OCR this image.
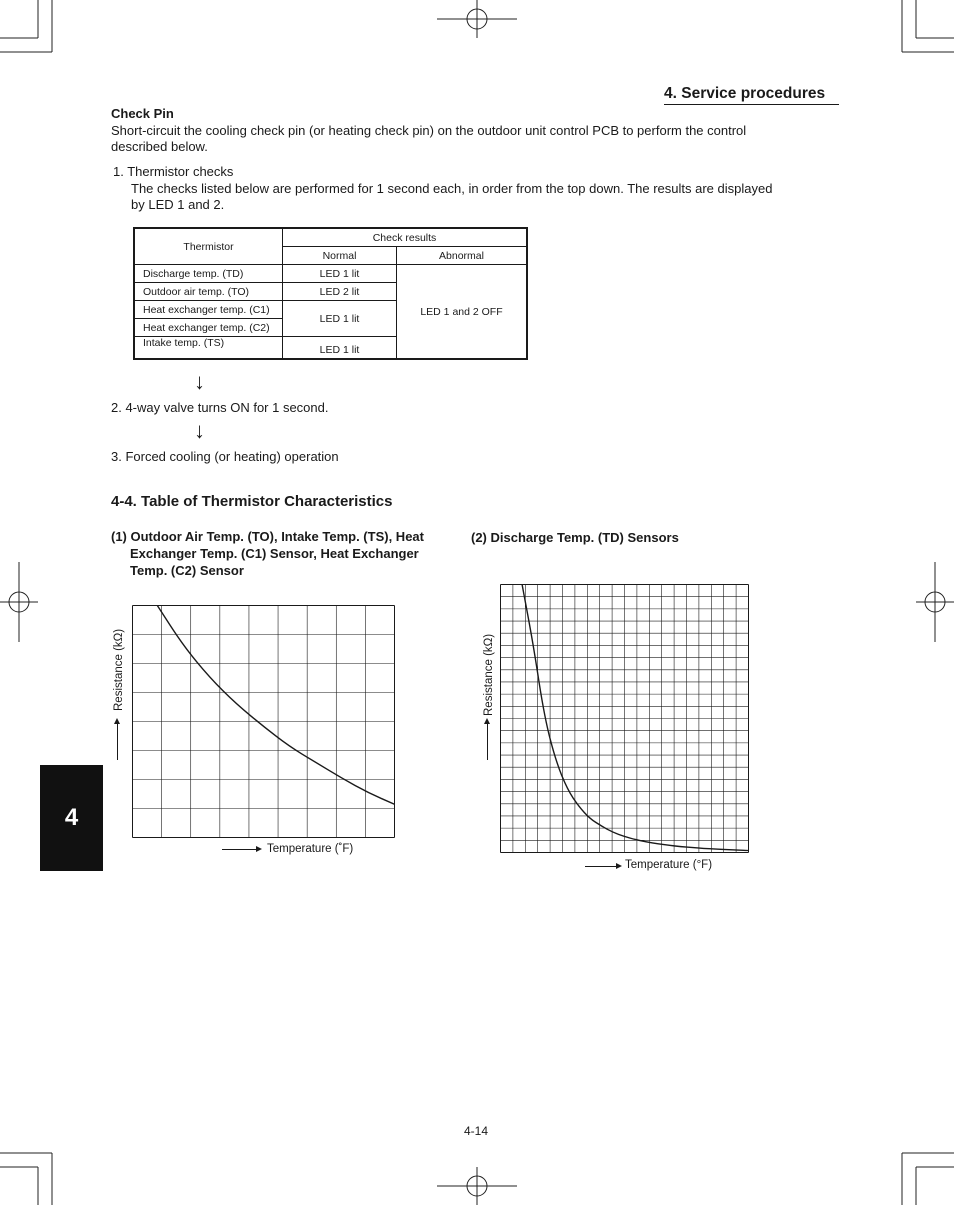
4. Service procedures
Check Pin
Short-circuit the cooling check pin (or heating check pin) on the outdoor unit control PCB to perform the control
described below.
1. Thermistor checks
The checks listed below are performed for 1 second each, in order from the top down. The results are displayed
by LED 1 and 2.
Thermistor	Check results	
	Normal	Abnormal
Discharge temp. (TD)	LED 1 lit	LED 1 and 2 OFF
Outdoor air temp. (TO)	LED 2 lit	
Heat exchanger temp. (C1)	LED 1 lit	
Heat exchanger temp. (C2)		
Intake temp. (TS)	LED 1 lit	
↓
2. 4-way valve turns ON for 1 second.
↓
3. Forced cooling (or heating) operation
4-4. Table of Thermistor Characteristics
(1) Outdoor Air Temp. (TO), Intake Temp. (TS), Heat
Exchanger Temp. (C1) Sensor, Heat Exchanger
Temp. (C2) Sensor
(2) Discharge Temp. (TD) Sensors
Resistance (kΩ)
Temperature (˚F)
Resistance (kΩ)
Temperature (°F)
4
4-14
